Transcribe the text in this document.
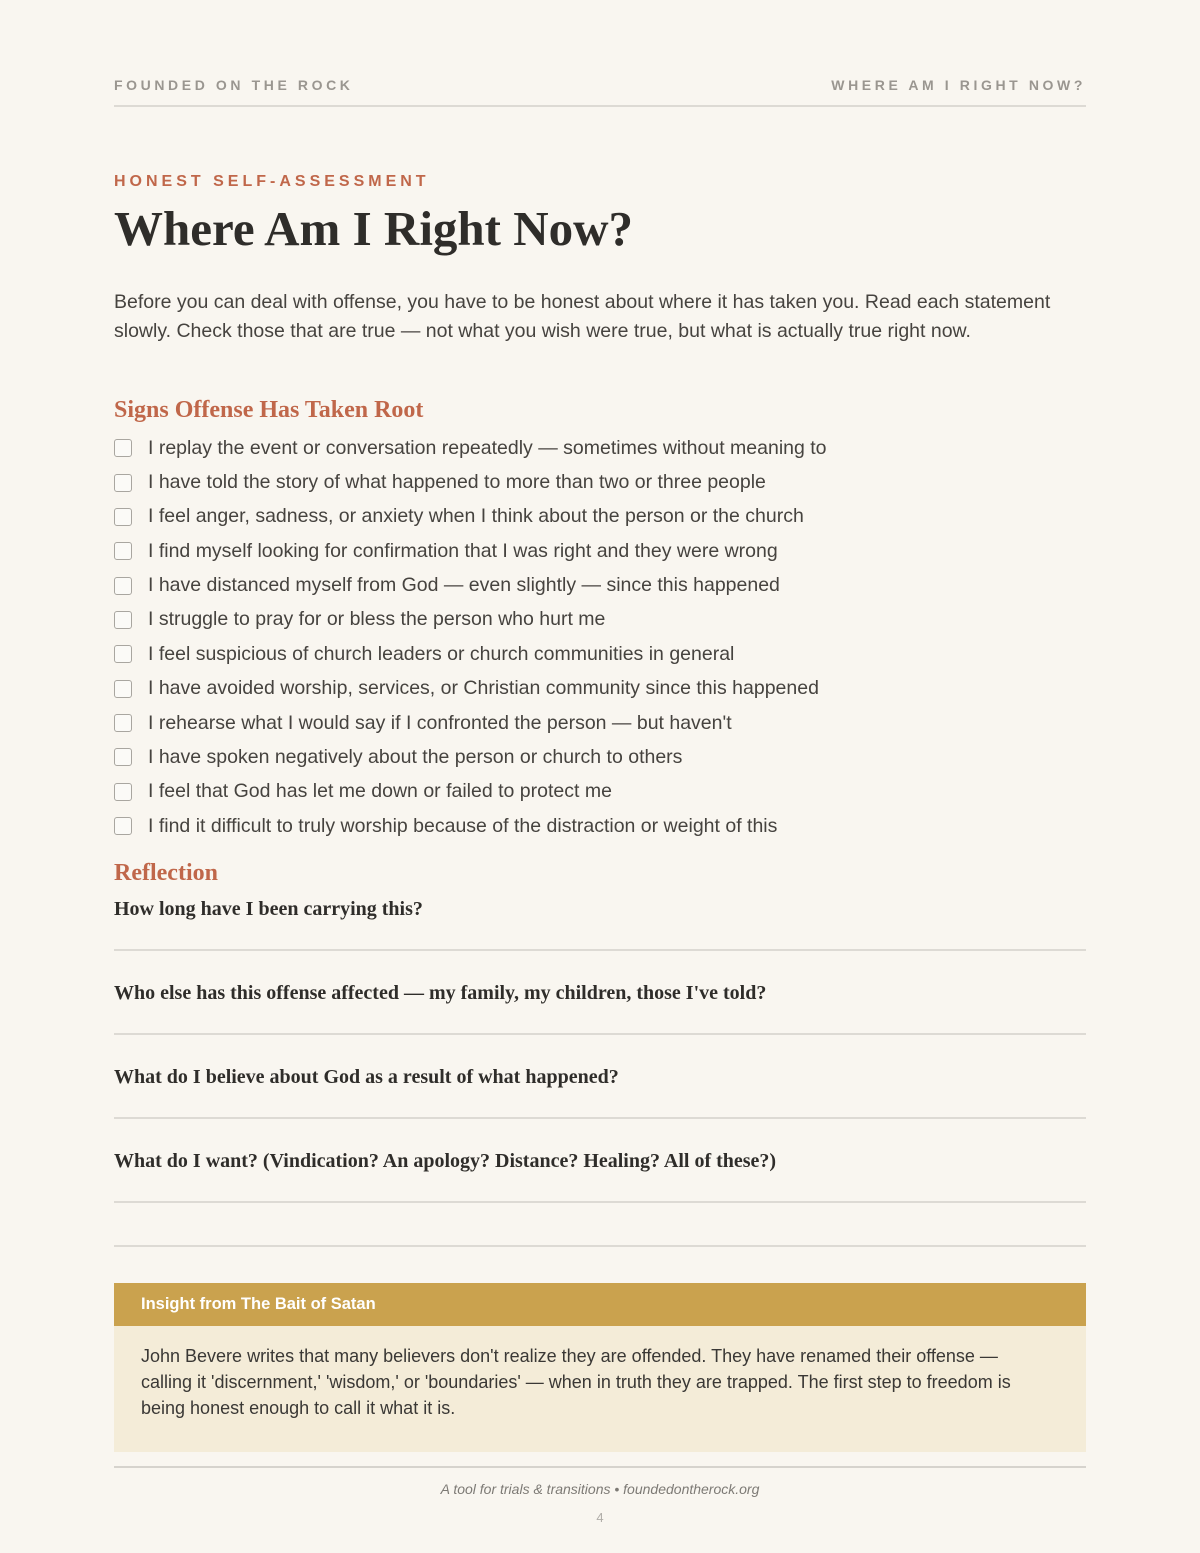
FOUNDED ON THE ROCK	WHERE AM I RIGHT NOW?
HONEST SELF-ASSESSMENT
Where Am I Right Now?

Before you can deal with offense, you have to be honest about where it has taken you. Read each statement slowly. Check those that are true — not what you wish were true, but what is actually true right now.

Signs Offense Has Taken Root
I replay the event or conversation repeatedly — sometimes without meaning to
I have told the story of what happened to more than two or three people
I feel anger, sadness, or anxiety when I think about the person or the church
I find myself looking for confirmation that I was right and they were wrong
I have distanced myself from God — even slightly — since this happened
I struggle to pray for or bless the person who hurt me
I feel suspicious of church leaders or church communities in general
I have avoided worship, services, or Christian community since this happened
I rehearse what I would say if I confronted the person — but haven't
I have spoken negatively about the person or church to others
I feel that God has let me down or failed to protect me
I find it difficult to truly worship because of the distraction or weight of this
Reflection

How long have I been carrying this?

Who else has this offense affected — my family, my children, those I've told?

What do I believe about God as a result of what happened?

What do I want? (Vindication? An apology? Distance? Healing? All of these?)

Insight from The Bait of Satan

John Bevere writes that many believers don't realize they are offended. They have renamed their offense — calling it 'discernment,' 'wisdom,' or 'boundaries' — when in truth they are trapped. The first step to freedom is being honest enough to call it what it is.

A tool for trials & transitions • foundedontherock.org
4
